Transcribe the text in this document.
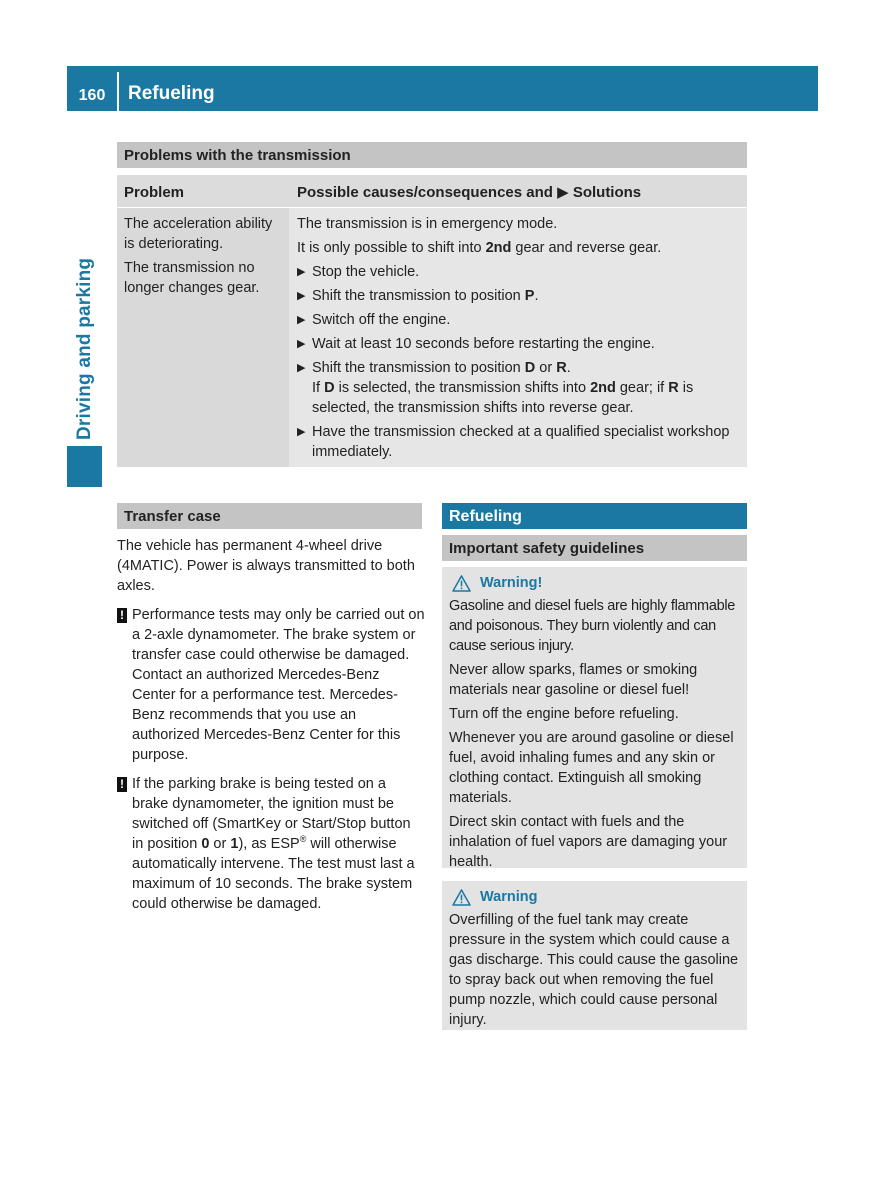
160	Refueling
Driving and parking
Problems with the transmission
Problem	Possible causes/consequences and ▶ Solutions
The acceleration ability is deteriorating.
The transmission no longer changes gear.
The transmission is in emergency mode.
It is only possible to shift into 2nd gear and reverse gear.
▶ Stop the vehicle.
▶ Shift the transmission to position P.
▶ Switch off the engine.
▶ Wait at least 10 seconds before restarting the engine.
▶ Shift the transmission to position D or R.
If D is selected, the transmission shifts into 2nd gear; if R is selected, the transmission shifts into reverse gear.
▶ Have the transmission checked at a qualified specialist workshop immediately.
Transfer case
The vehicle has permanent 4-wheel drive (4MATIC). Power is always transmitted to both axles.
! Performance tests may only be carried out on a 2-axle dynamometer. The brake system or transfer case could otherwise be damaged. Contact an authorized Mercedes-Benz Center for a performance test. Mercedes-Benz recommends that you use an authorized Mercedes-Benz Center for this purpose.
! If the parking brake is being tested on a brake dynamometer, the ignition must be switched off (SmartKey or Start/Stop button in position 0 or 1), as ESP® will otherwise automatically intervene. The test must last a maximum of 10 seconds. The brake system could otherwise be damaged.
Refueling
Important safety guidelines
Warning!

Gasoline and diesel fuels are highly flammable and poisonous. They burn violently and can cause serious injury.

Never allow sparks, flames or smoking materials near gasoline or diesel fuel!

Turn off the engine before refueling.

Whenever you are around gasoline or diesel fuel, avoid inhaling fumes and any skin or clothing contact. Extinguish all smoking materials.

Direct skin contact with fuels and the inhalation of fuel vapors are damaging your health.

Warning

Overfilling of the fuel tank may create pressure in the system which could cause a gas discharge. This could cause the gasoline to spray back out when removing the fuel pump nozzle, which could cause personal injury.
